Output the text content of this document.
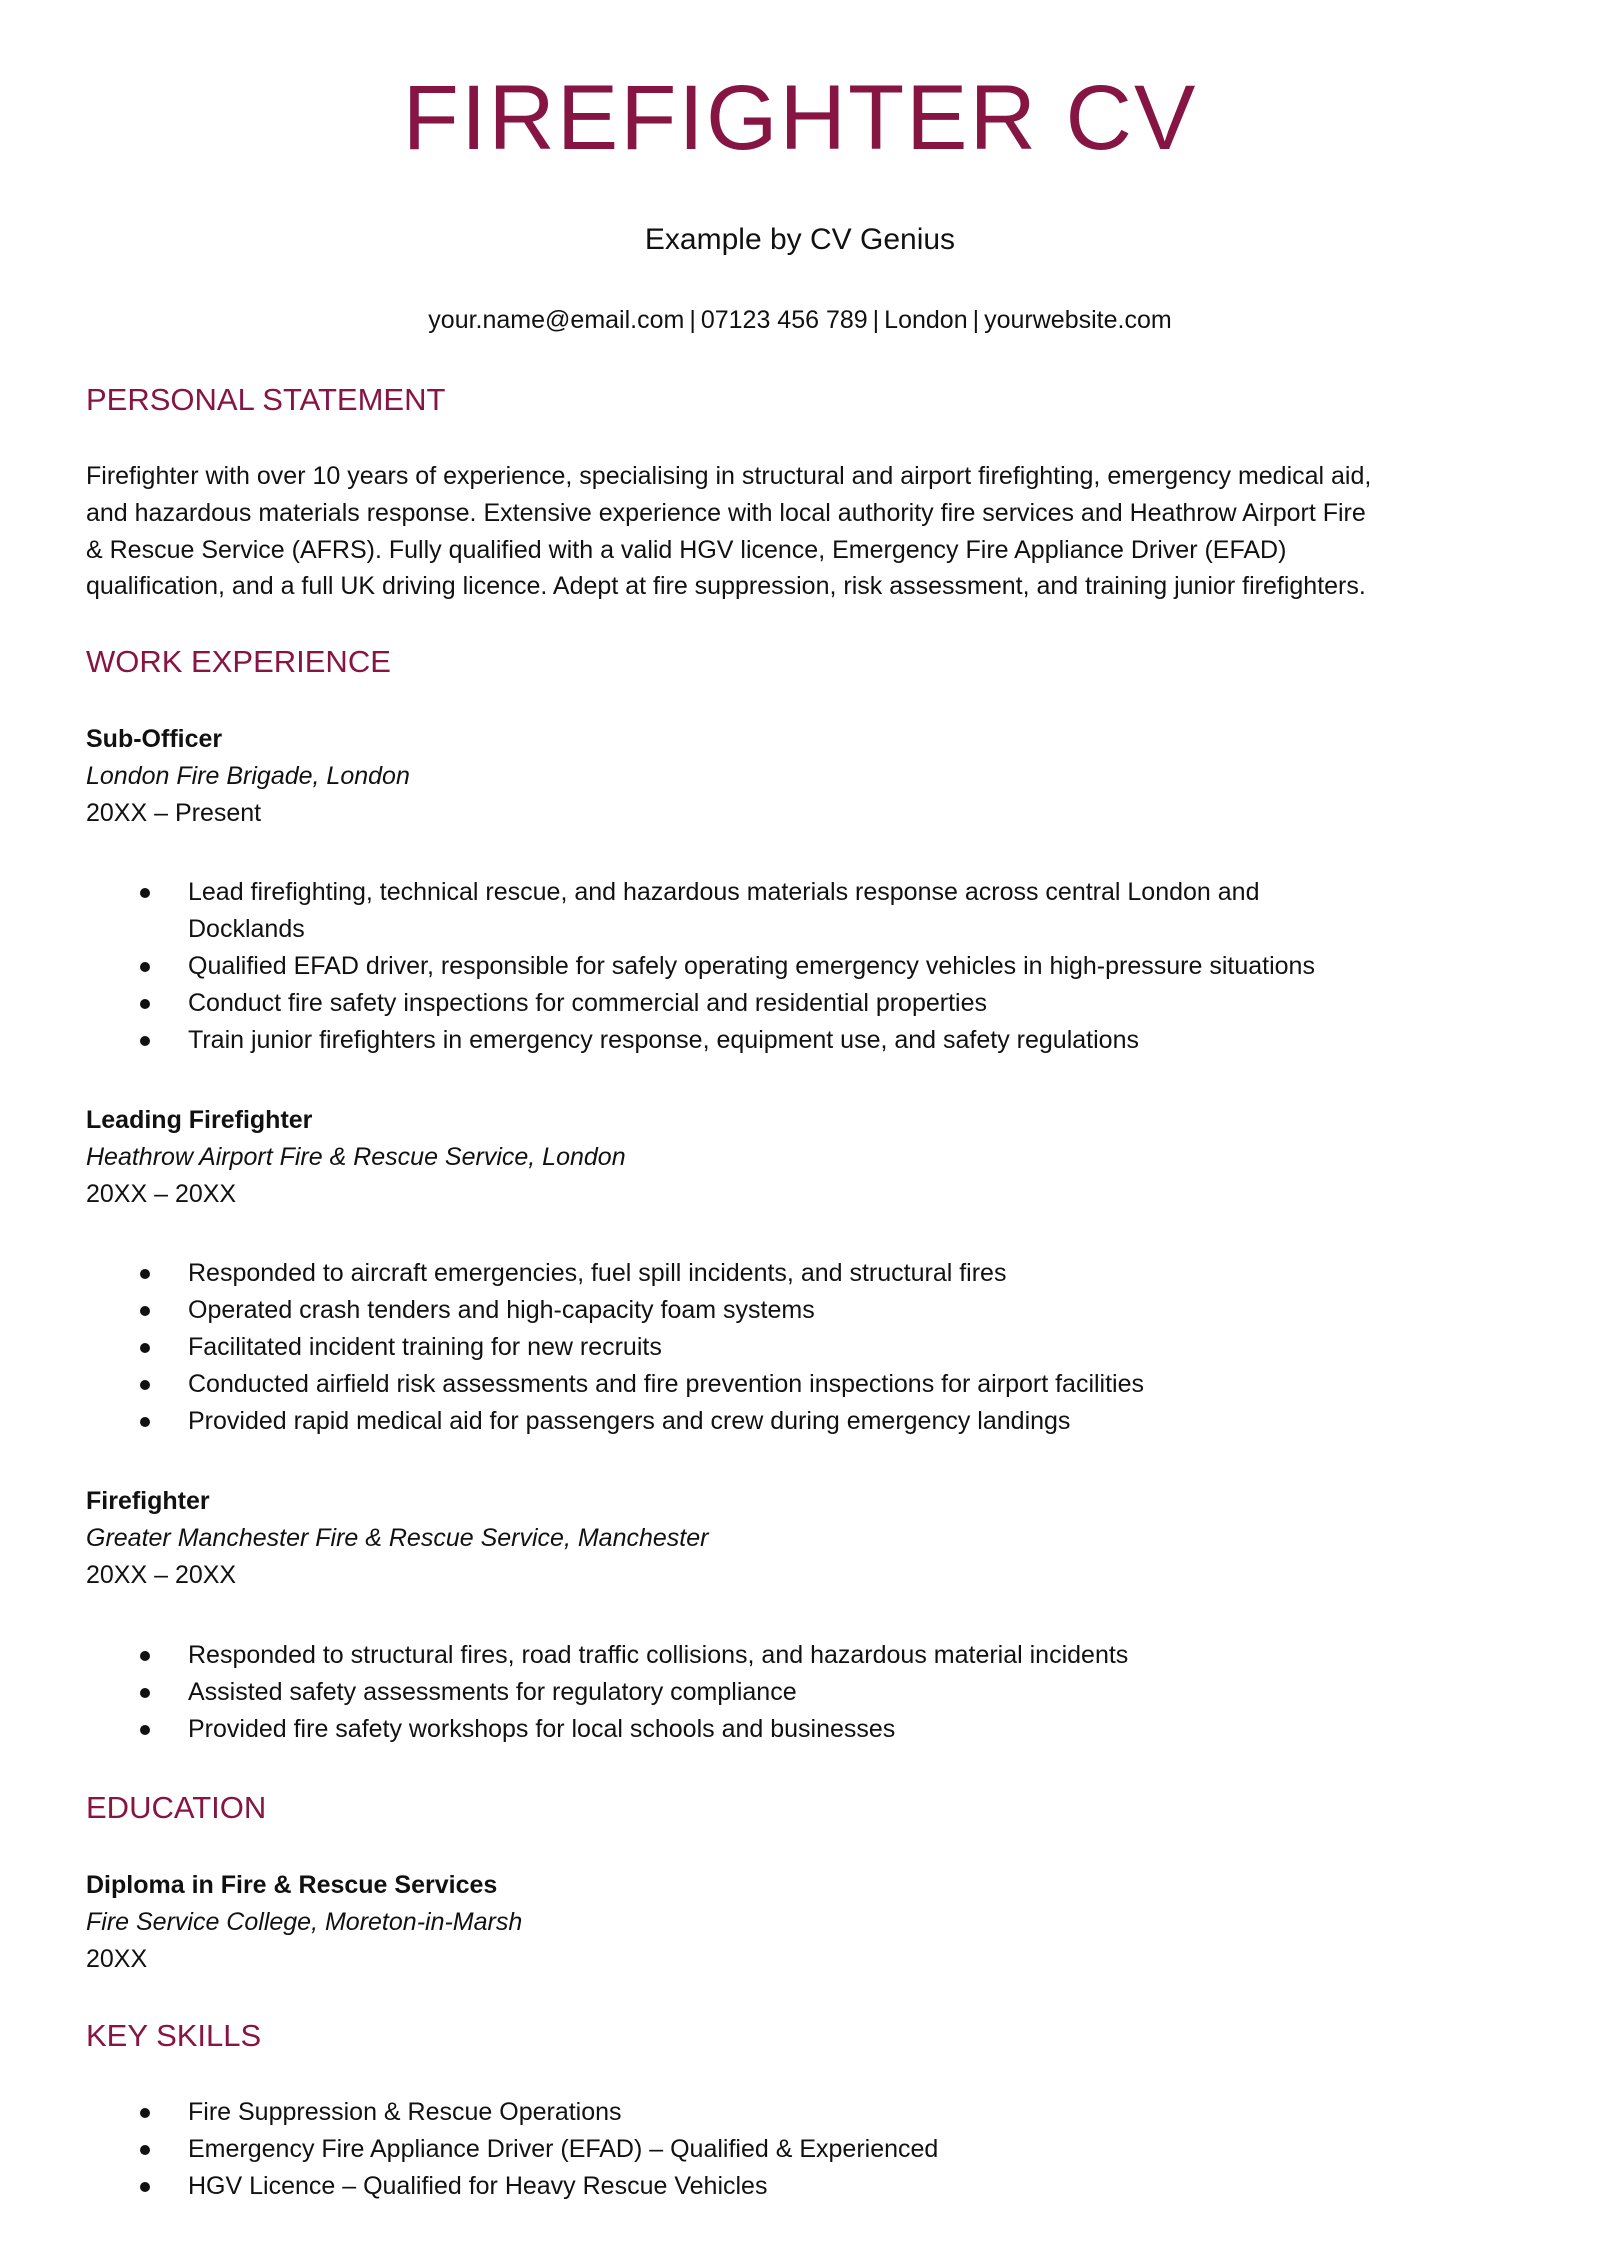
FIREFIGHTER CV
Example by CV Genius
your.name@email.com | 07123 456 789 | London | yourwebsite.com
PERSONAL STATEMENT
Firefighter with over 10 years of experience, specialising in structural and airport firefighting, emergency medical aid,
and hazardous materials response. Extensive experience with local authority fire services and Heathrow Airport Fire
& Rescue Service (AFRS). Fully qualified with a valid HGV licence, Emergency Fire Appliance Driver (EFAD)
qualification, and a full UK driving licence. Adept at fire suppression, risk assessment, and training junior firefighters.
WORK EXPERIENCE
Sub-Officer
London Fire Brigade, London
20XX – Present
Lead firefighting, technical rescue, and hazardous materials response across central London and
Docklands
Qualified EFAD driver, responsible for safely operating emergency vehicles in high-pressure situations
Conduct fire safety inspections for commercial and residential properties
Train junior firefighters in emergency response, equipment use, and safety regulations
Leading Firefighter
Heathrow Airport Fire & Rescue Service, London
20XX – 20XX
Responded to aircraft emergencies, fuel spill incidents, and structural fires
Operated crash tenders and high-capacity foam systems
Facilitated incident training for new recruits
Conducted airfield risk assessments and fire prevention inspections for airport facilities
Provided rapid medical aid for passengers and crew during emergency landings
Firefighter
Greater Manchester Fire & Rescue Service, Manchester
20XX – 20XX
Responded to structural fires, road traffic collisions, and hazardous material incidents
Assisted safety assessments for regulatory compliance
Provided fire safety workshops for local schools and businesses
EDUCATION
Diploma in Fire & Rescue Services
Fire Service College, Moreton-in-Marsh
20XX
KEY SKILLS
Fire Suppression & Rescue Operations
Emergency Fire Appliance Driver (EFAD) – Qualified & Experienced
HGV Licence – Qualified for Heavy Rescue Vehicles
